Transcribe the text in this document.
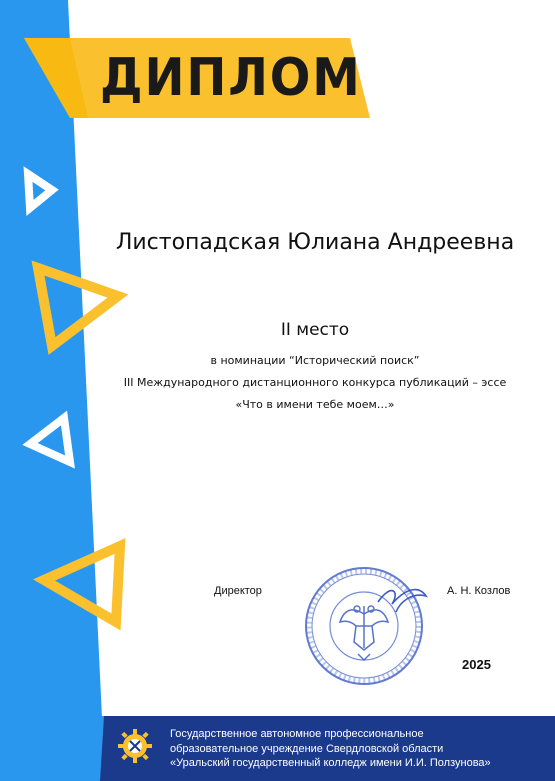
ДИПЛОМ
Листопадская Юлиана Андреевна
II место
в номинации “Исторический поиск”
III Международного дистанционного конкурса публикаций – эссе
«Что в имени тебе моем…»
Директор	А. Н. Козлов
2025
Государственное автономное профессиональное
образовательное учреждение Свердловской области
«Уральский государственный колледж имени И.И. Ползунова»
